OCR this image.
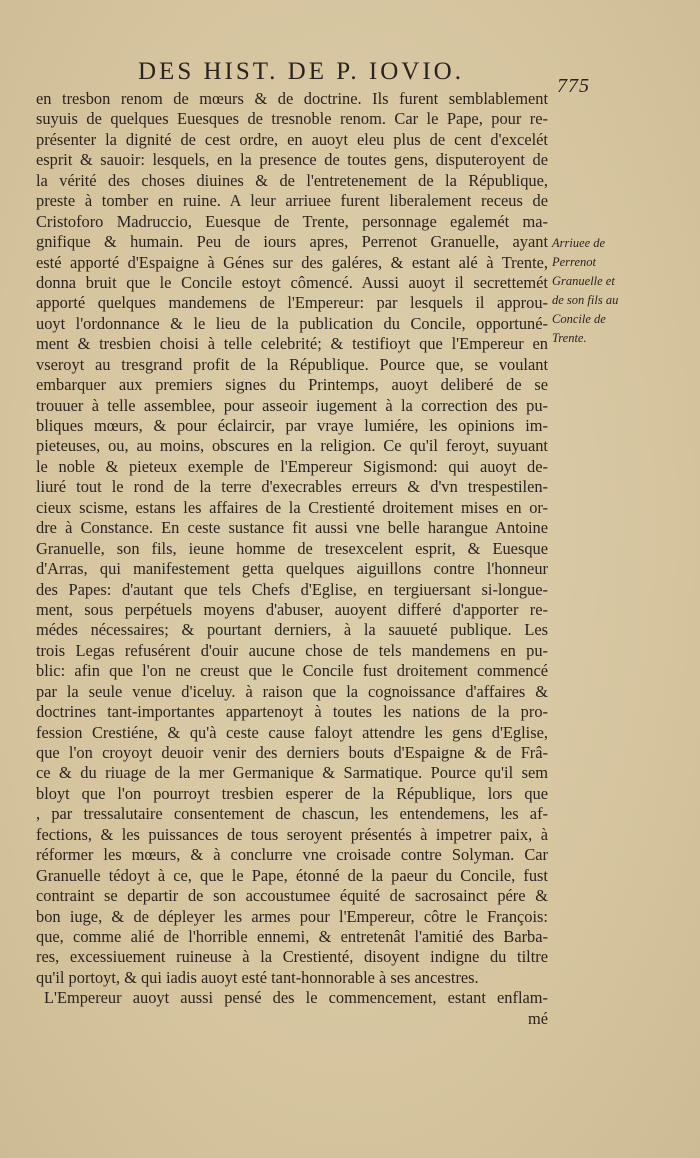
DES HIST. DE P. IOVIO.
775
en tresbon renom de mœurs & de doctrine. Ils furent semblablement
suyuis de quelques Euesques de tresnoble renom. Car le Pape, pour re-
présenter la dignité de cest ordre, en auoyt eleu plus de cent d'excelét
esprit & sauoir: lesquels, en la presence de toutes gens, disputeroyent de
la vérité des choses diuines & de l'entretenement de la République,
preste à tomber en ruine. A leur arriuee furent liberalement receus de
Cristoforo Madruccio, Euesque de Trente, personnage egalemét ma-
gnifique & humain. Peu de iours apres, Perrenot Granuelle, ayant
esté apporté d'Espaigne à Génes sur des galéres, & estant alé à Trente,
donna bruit que le Concile estoyt cômencé. Aussi auoyt il secrettemét
apporté quelques mandemens de l'Empereur: par lesquels il approu-
uoyt l'ordonnance & le lieu de la publication du Concile, opportuné-
ment & tresbien choisi à telle celebrité; & testifioyt que l'Empereur en
vseroyt au tresgrand profit de la République. Pource que, se voulant
embarquer aux premiers signes du Printemps, auoyt deliberé de se
trouuer à telle assemblee, pour asseoir iugement à la correction des pu-
bliques mœurs, & pour éclaircir, par vraye lumiére, les opinions im-
pieteuses, ou, au moins, obscures en la religion. Ce qu'il feroyt, suyuant
le noble & pieteux exemple de l'Empereur Sigismond: qui auoyt de-
liuré tout le rond de la terre d'execrables erreurs & d'vn trespestilen-
cieux scisme, estans les affaires de la Crestienté droitement mises en or-
dre à Constance. En ceste sustance fit aussi vne belle harangue Antoine
Granuelle, son fils, ieune homme de tresexcelent esprit, & Euesque
d'Arras, qui manifestement getta quelques aiguillons contre l'honneur
des Papes: d'autant que tels Chefs d'Eglise, en tergiuersant si-longue-
ment, sous perpétuels moyens d'abuser, auoyent differé d'apporter re-
médes nécessaires; & pourtant derniers, à la sauueté publique. Les
trois Legas refusérent d'ouir aucune chose de tels mandemens en pu-
blic: afin que l'on ne creust que le Concile fust droitement commencé
par la seule venue d'iceluy. à raison que la cognoissance d'affaires &
doctrines tant-importantes appartenoyt à toutes les nations de la pro-
fession Crestiéne, & qu'à ceste cause faloyt attendre les gens d'Eglise,
que l'on croyoyt deuoir venir des derniers bouts d'Espaigne & de Frâ-
ce & du riuage de la mer Germanique & Sarmatique. Pource qu'il sem
bloyt que l'on pourroyt tresbien esperer de la République, lors que
, par tressalutaire consentement de chascun, les entendemens, les af-
fections, & les puissances de tous seroyent présentés à impetrer paix, à
réformer les mœurs, & à conclurre vne croisade contre Solyman. Car
Granuelle tédoyt à ce, que le Pape, étonné de la paeur du Concile, fust
contraint se departir de son accoustumee équité de sacrosainct pére &
bon iuge, & de dépleyer les armes pour l'Empereur, côtre le François:
que, comme alié de l'horrible ennemi, & entretenât l'amitié des Barba-
res, excessiuement ruineuse à la Crestienté, disoyent indigne du tiltre
qu'il portoyt, & qui iadis auoyt esté tant-honnorable à ses ancestres.
L'Empereur auoyt aussi pensé des le commencement, estant enflam-
mé
Arriuee de
Perrenot
Granuelle et
de son fils au
Concile de
Trente.
